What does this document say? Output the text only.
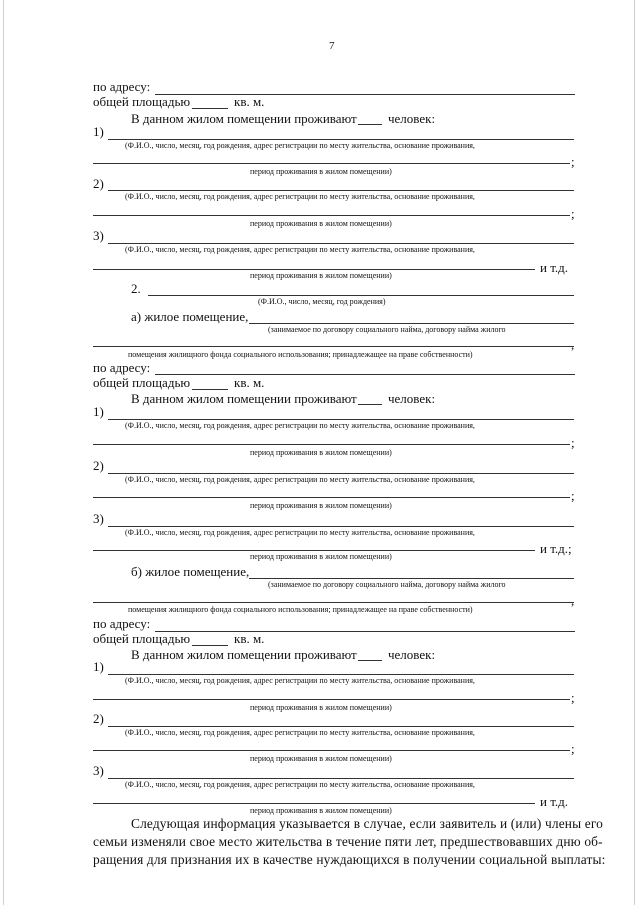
7
по адресу:
общей площадью	кв. м.
В данном жилом помещении проживают человек:
1)
(Ф.И.О., число, месяц, год рождения, адрес регистрации по месту жительства, основание проживания,
;
период проживания в жилом помещении)
2)
(Ф.И.О., число, месяц, год рождения, адрес регистрации по месту жительства, основание проживания,
;
период проживания в жилом помещении)
3)
(Ф.И.О., число, месяц, год рождения, адрес регистрации по месту жительства, основание проживания,
и т.д.
период проживания в жилом помещении)
2.
(Ф.И.О., число, месяц, год рождения)
а) жилое помещение,
(занимаемое по договору социального найма, договору найма жилого
,
помещения жилищного фонда социального использования; принадлежащее на праве собственности)
по адресу:
общей площадью	кв. м.
В данном жилом помещении проживают человек:
1)
(Ф.И.О., число, месяц, год рождения, адрес регистрации по месту жительства, основание проживания,
;
период проживания в жилом помещении)
2)
(Ф.И.О., число, месяц, год рождения, адрес регистрации по месту жительства, основание проживания,
;
период проживания в жилом помещении)
3)
(Ф.И.О., число, месяц, год рождения, адрес регистрации по месту жительства, основание проживания,
и т.д.;
период проживания в жилом помещении)
б) жилое помещение,
(занимаемое по договору социального найма, договору найма жилого
,
помещения жилищного фонда социального использования; принадлежащее на праве собственности)
по адресу:
общей площадью	кв. м.
В данном жилом помещении проживают человек:
1)
(Ф.И.О., число, месяц, год рождения, адрес регистрации по месту жительства, основание проживания,
;
период проживания в жилом помещении)
2)
(Ф.И.О., число, месяц, год рождения, адрес регистрации по месту жительства, основание проживания,
;
период проживания в жилом помещении)
3)
(Ф.И.О., число, месяц, год рождения, адрес регистрации по месту жительства, основание проживания,
и т.д.
период проживания в жилом помещении)
Следующая информация указывается в случае, если заявитель и (или) члены его
семьи изменяли свое место жительства в течение пяти лет, предшествовавших дню об-
ращения для признания их в качестве нуждающихся в получении социальной выплаты:
